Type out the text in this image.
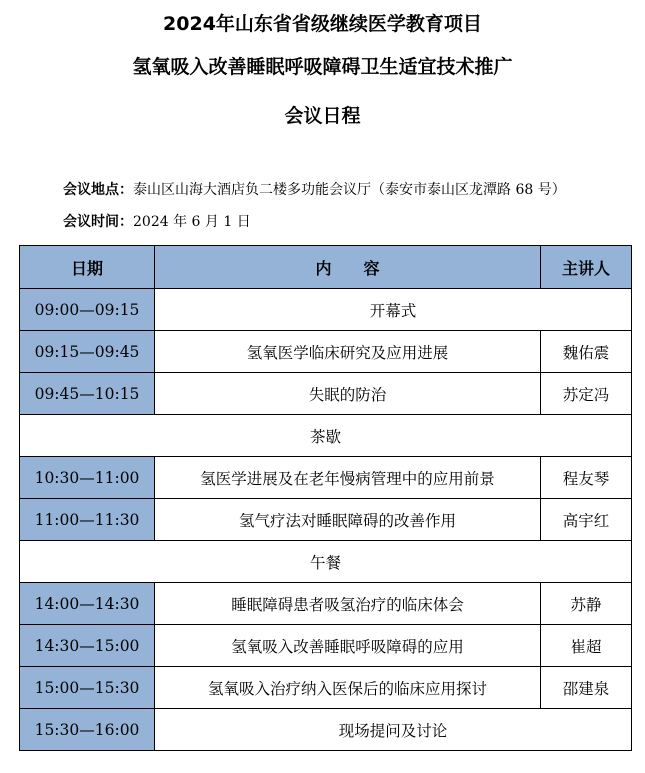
2024年山东省省级继续医学教育项目
氢氧吸入改善睡眠呼吸障碍卫生适宜技术推广
会议日程
会议地点：泰山区山海大酒店负二楼多功能会议厅（泰安市泰山区龙潭路 68 号）
会议时间：2024 年 6 月 1 日
日期	内　　容	主讲人
09:00—09:15	开幕式	
09:15—09:45	氢氧医学临床研究及应用进展	魏佑震
09:45—10:15	失眠的防治	苏定冯
茶歇		
10:30—11:00	氢医学进展及在老年慢病管理中的应用前景	程友琴
11:00—11:30	氢气疗法对睡眠障碍的改善作用	高宇红
午餐		
14:00—14:30	睡眠障碍患者吸氢治疗的临床体会	苏静
14:30—15:00	氢氧吸入改善睡眠呼吸障碍的应用	崔超
15:00—15:30	氢氧吸入治疗纳入医保后的临床应用探讨	邵建泉
15:30—16:00	现场提问及讨论	
